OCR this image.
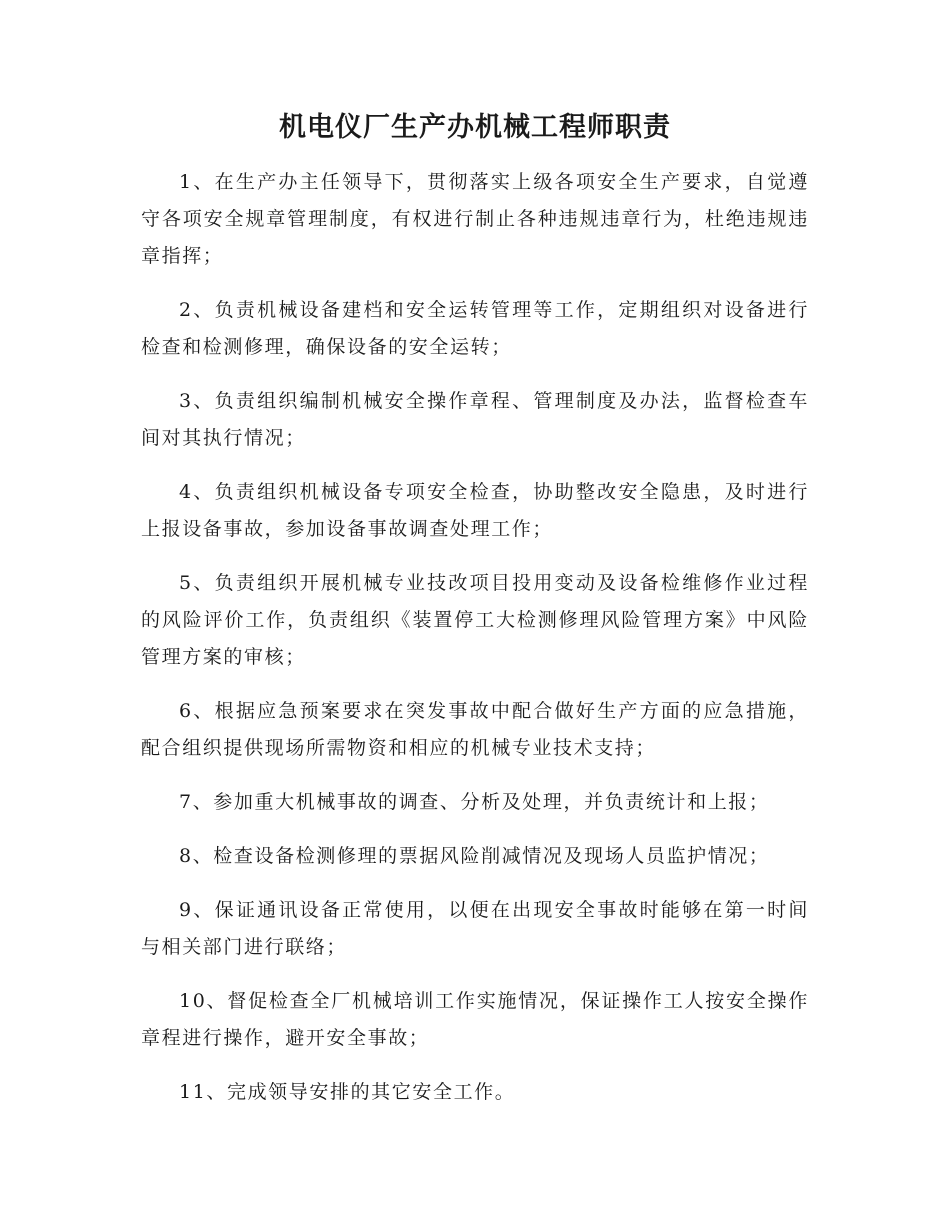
机电仪厂生产办机械工程师职责

1、在生产办主任领导下，贯彻落实上级各项安全生产要求，自觉遵守各项安全规章管理制度，有权进行制止各种违规违章行为，杜绝违规违章指挥；

2、负责机械设备建档和安全运转管理等工作，定期组织对设备进行检查和检测修理，确保设备的安全运转；

3、负责组织编制机械安全操作章程、管理制度及办法，监督检查车间对其执行情况；

4、负责组织机械设备专项安全检查，协助整改安全隐患，及时进行上报设备事故，参加设备事故调查处理工作；

5、负责组织开展机械专业技改项目投用变动及设备检维修作业过程的风险评价工作，负责组织《装置停工大检测修理风险管理方案》中风险管理方案的审核；

6、根据应急预案要求在突发事故中配合做好生产方面的应急措施，配合组织提供现场所需物资和相应的机械专业技术支持；

7、参加重大机械事故的调查、分析及处理，并负责统计和上报；

8、检查设备检测修理的票据风险削减情况及现场人员监护情况；

9、保证通讯设备正常使用，以便在出现安全事故时能够在第一时间与相关部门进行联络；

10、督促检查全厂机械培训工作实施情况，保证操作工人按安全操作章程进行操作，避开安全事故；

11、完成领导安排的其它安全工作。
